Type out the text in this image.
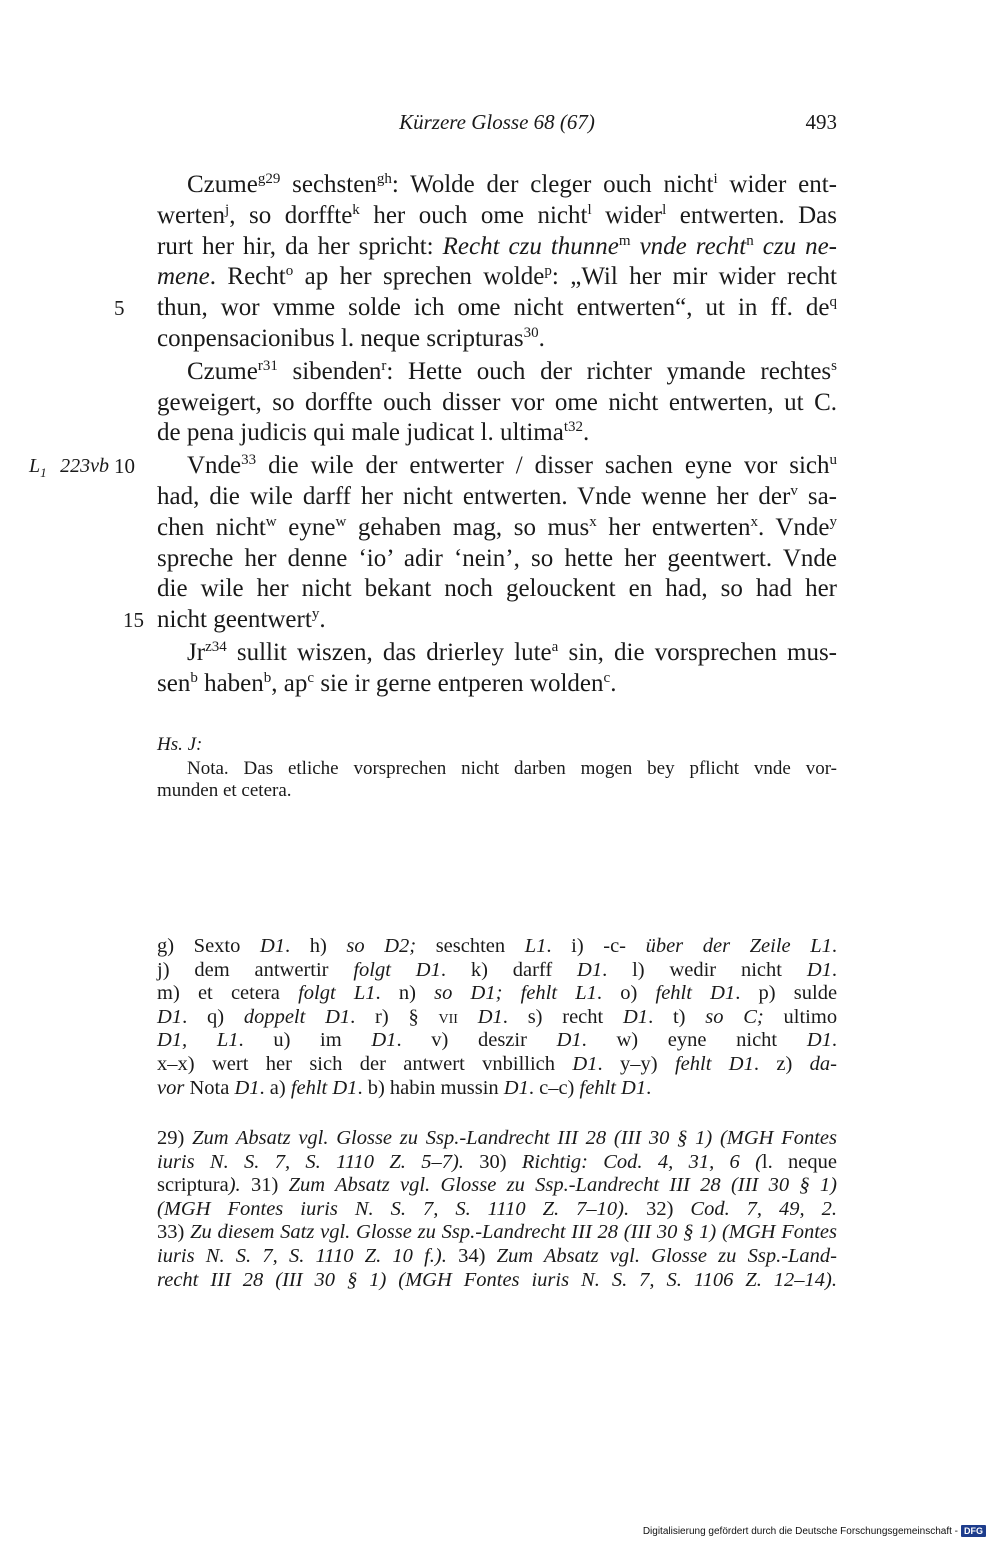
Kürzere Glosse 68 (67)	493
Czume$^{g29}$ sechsten$^{gh}$: Wolde der cleger ouch nicht$^i$ wider ent-
werten$^j$, so dorffte$^k$ her ouch ome nicht$^l$ wider$^l$ entwerten. Das
rurt her hir, da her spricht: Recht czu thunne$^m$ vnde recht$^n$ czu ne-
mene. Recht$^o$ ap her sprechen wolde$^p$: „Wil her mir wider recht
5	thun, wor vmme solde ich ome nicht entwerten“, ut in ff. $de^q$
conpensacionibus l. neque scripturas$^{30}$.
Czume$^{r31}$ sibenden$^r$: Hette ouch der richter ymande rechtes$^s$
geweigert, so dorffte ouch disser vor ome nicht entwerten, ut C.
de pena judicis qui male judicat l. ultima$^{t32}$.
$L_1$ 223vb 10	Vnde$^{33}$ die wile der entwerter / disser sachen eyne vor sich$^u$
had, die wile darff her nicht entwerten. Vnde wenne her der$^v$ sa-
chen nicht$^w$ eyne$^w$ gehaben mag, so mus$^x$ her entwerten$^x$. Vnde$^y$
spreche her denne ‘io’ adir ‘nein’, so hette her geentwert. Vnde
die wile her nicht bekant noch gelouckent en had, so had her
15 nicht geentwert$^y$.
$Jr^{z34}$ sullit wiszen, das drierley lute$^a$ sin, die vorsprechen mus-
sen$^b$ haben$^b$, $ap^c$ sie ir gerne entperen wolden$^c$.
Hs. J:
Nota. Das etliche vorsprechen nicht darben mogen bey pflicht vnde vor-
munden et cetera.
g) Sexto D1. h) so D2; seschten L1. i) -c- über der Zeile L1.
j) dem antwertir folgt D1. k) darff D1. l) wedir nicht D1.
m) et cetera folgt L1. n) so D1; fehlt L1. o) fehlt D1. p) sulde
D1. q) doppelt D1. r) § vii D1. s) recht D1. t) so C; ultimo
D1, L1. u) im D1. v) deszir D1. w) eyne nicht D1.
x–x) wert her sich der antwert vnbillich D1. y–y) fehlt D1. z) da-
vor Nota D1. a) fehlt D1. b) habin mussin D1. c–c) fehlt D1.
29) Zum Absatz vgl. Glosse zu Ssp.-Landrecht III 28 (III 30 § 1) (MGH Fontes
iuris N. S. 7, S. 1110 Z. 5–7). 30) Richtig: Cod. 4, 31, 6 (l. neque
scriptura). 31) Zum Absatz vgl. Glosse zu Ssp.-Landrecht III 28 (III 30 § 1)
(MGH Fontes iuris N. S. 7, S. 1110 Z. 7–10). 32) Cod. 7, 49, 2.
33) Zu diesem Satz vgl. Glosse zu Ssp.-Landrecht III 28 (III 30 § 1) (MGH Fontes
iuris N. S. 7, S. 1110 Z. 10 f.). 34) Zum Absatz vgl. Glosse zu Ssp.-Land-
recht III 28 (III 30 § 1) (MGH Fontes iuris N. S. 7, S. 1106 Z. 12–14).
Digitalisierung gefördert durch die Deutsche Forschungsgemeinschaft - DFG
